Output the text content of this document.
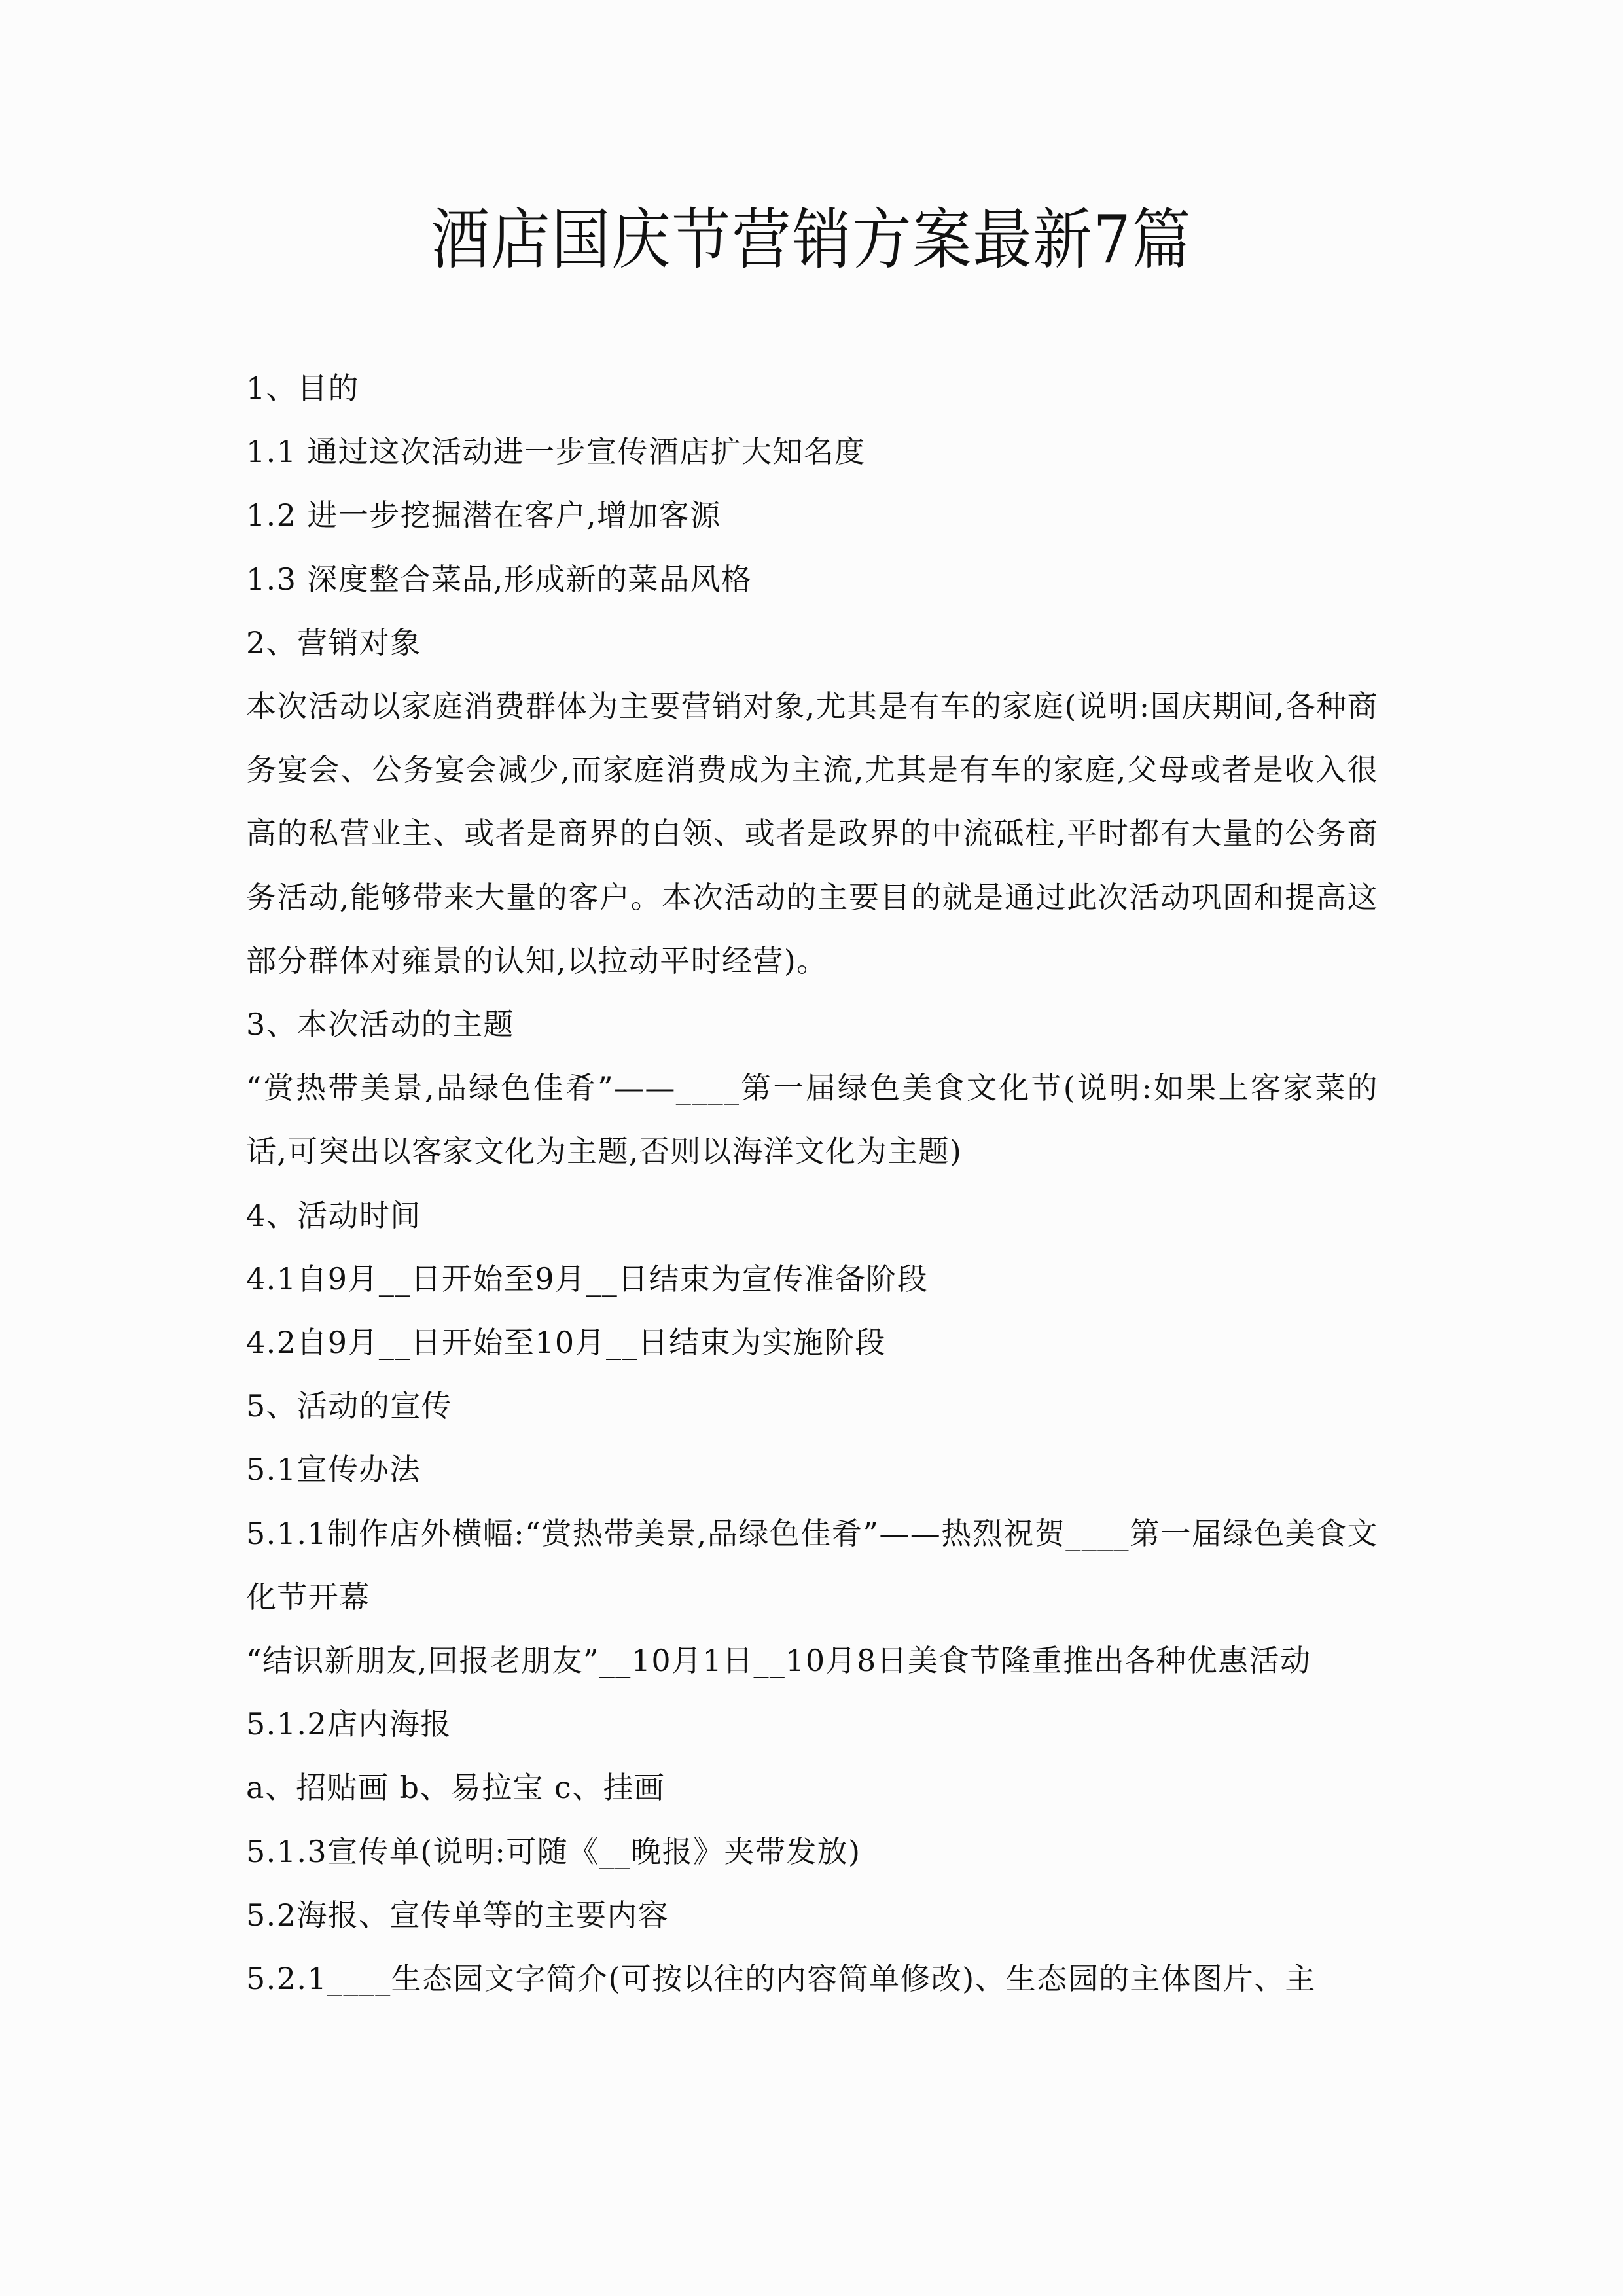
酒店国庆节营销方案最新7篇

1、目的

1.1 通过这次活动进一步宣传酒店扩大知名度

1.2 进一步挖掘潜在客户,增加客源

1.3 深度整合菜品,形成新的菜品风格

2、营销对象

本次活动以家庭消费群体为主要营销对象,尤其是有车的家庭(说明:国庆期间,各种商务宴会、公务宴会减少,而家庭消费成为主流,尤其是有车的家庭,父母或者是收入很高的私营业主、或者是商界的白领、或者是政界的中流砥柱,平时都有大量的公务商务活动,能够带来大量的客户。本次活动的主要目的就是通过此次活动巩固和提高这部分群体对雍景的认知,以拉动平时经营)。

3、本次活动的主题

“赏热带美景,品绿色佳肴”——____第一届绿色美食文化节(说明:如果上客家菜的话,可突出以客家文化为主题,否则以海洋文化为主题)

4、活动时间

4.1自9月__日开始至9月__日结束为宣传准备阶段

4.2自9月__日开始至10月__日结束为实施阶段

5、活动的宣传

5.1宣传办法

5.1.1制作店外横幅:“赏热带美景,品绿色佳肴”——热烈祝贺____第一届绿色美食文化节开幕

“结识新朋友,回报老朋友”__10月1日__10月8日美食节隆重推出各种优惠活动

5.1.2店内海报

a、招贴画 b、易拉宝 c、挂画

5.1.3宣传单(说明:可随《__晚报》夹带发放)

5.2海报、宣传单等的主要内容

5.2.1____生态园文字简介(可按以往的内容简单修改)、生态园的主体图片、主
